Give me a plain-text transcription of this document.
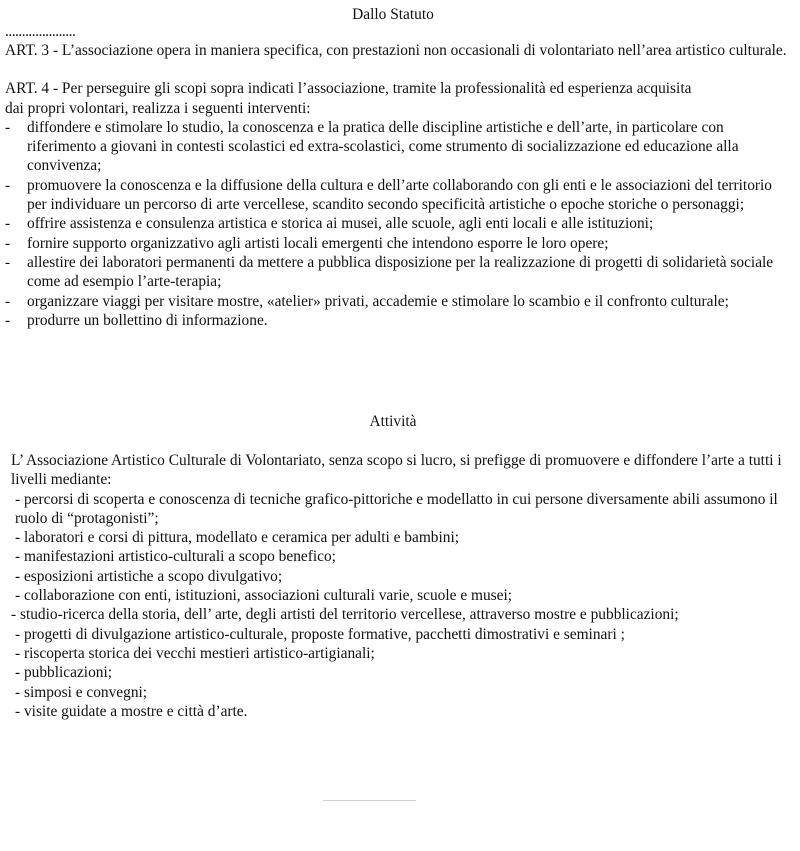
Dallo Statuto
.....................

ART. 3 - L’associazione opera in maniera specifica, con prestazioni non occasionali di volontariato nell’area artistico culturale.

ART. 4 - Per perseguire gli scopi sopra indicati l’associazione, tramite la professionalità ed esperienza acquisita
dai propri volontari, realizza i seguenti interventi:

- diffondere e stimolare lo studio, la conoscenza e la pratica delle discipline artistiche e dell’arte, in particolare con riferimento a giovani in contesti scolastici ed extra-scolastici, come strumento di socializzazione ed educazione alla convivenza;
- promuovere la conoscenza e la diffusione della cultura e dell’arte collaborando con gli enti e le associazioni del territorio per individuare un percorso di arte vercellese, scandito secondo specificità artistiche o epoche storiche o personaggi;
- offrire assistenza e consulenza artistica e storica ai musei, alle scuole, agli enti locali e alle istituzioni;
- fornire supporto organizzativo agli artisti locali emergenti che intendono esporre le loro opere;
- allestire dei laboratori permanenti da mettere a pubblica disposizione per la realizzazione di progetti di solidarietà sociale come ad esempio l’arte-terapia;
- organizzare viaggi per visitare mostre, «atelier» privati, accademie e stimolare lo scambio e il confronto culturale;
- produrre un bollettino di informazione.
Attività

L’ Associazione Artistico Culturale di Volontariato, senza scopo si lucro, si prefigge di promuovere e diffondere l’arte a tutti i livelli mediante:

- percorsi di scoperta e conoscenza di tecniche grafico-pittoriche e modellatto in cui persone diversamente abili assumono il ruolo di “protagonisti”;
- laboratori e corsi di pittura, modellato e ceramica per adulti e bambini;
- manifestazioni artistico-culturali a scopo benefico;
- esposizioni artistiche a scopo divulgativo;
- collaborazione con enti, istituzioni, associazioni culturali varie, scuole e musei;
- studio-ricerca della storia, dell’ arte, degli artisti del territorio vercellese, attraverso mostre e pubblicazioni;
- progetti di divulgazione artistico-culturale, proposte formative, pacchetti dimostrativi e seminari ;
- riscoperta storica dei vecchi mestieri artistico-artigianali;
- pubblicazioni;
- simposi e convegni;
- visite guidate a mostre e città d’arte.
